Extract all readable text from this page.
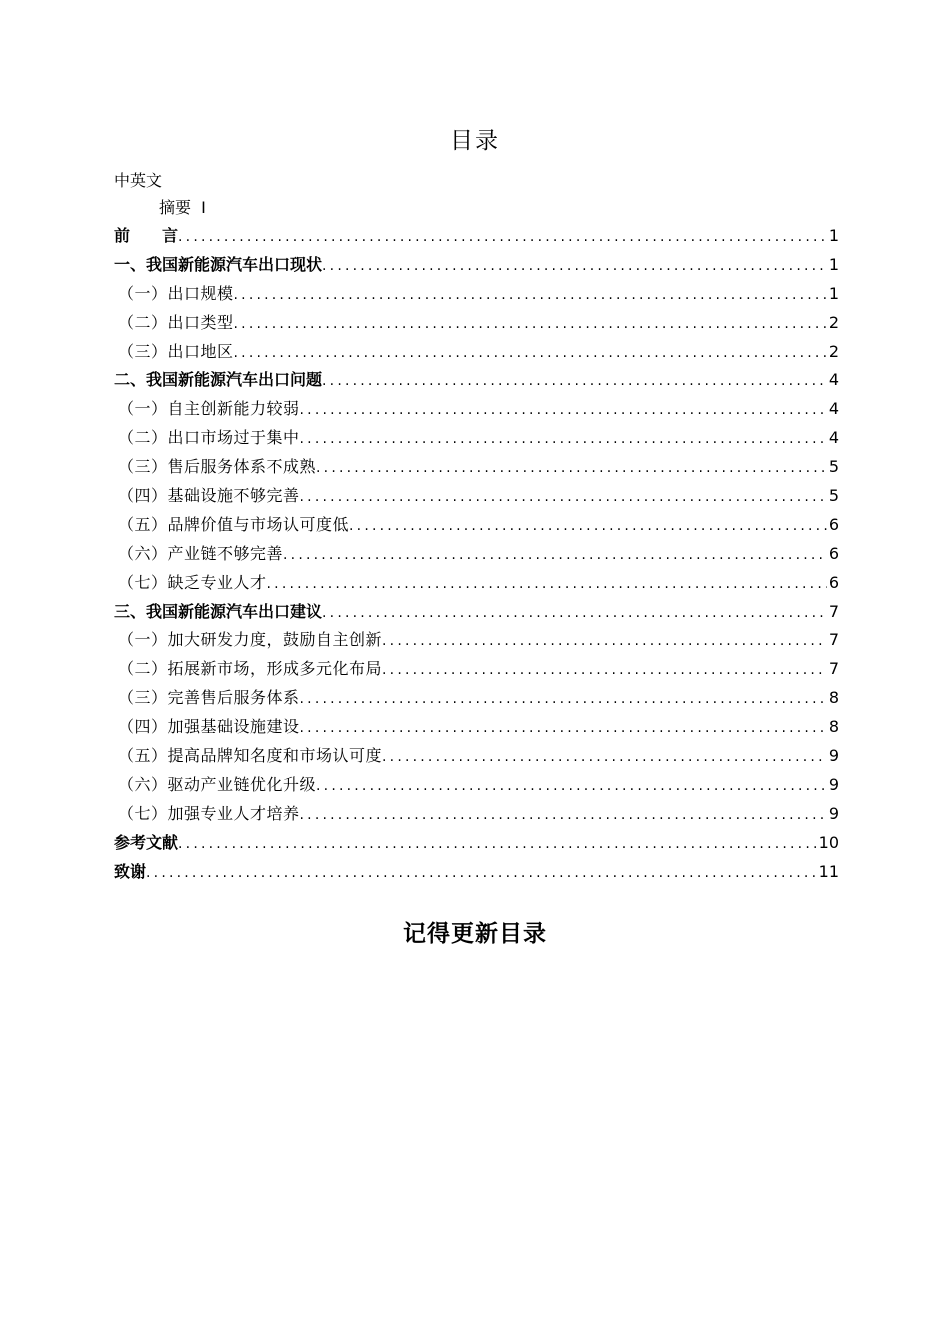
目录
中英文
摘要  I
前　　言 .....	1
一、我国新能源汽车出口现状 .....	1
（一）出口规模 .....	1
（二）出口类型 .....	2
（三）出口地区 .....	2
二、我国新能源汽车出口问题 .....	4
（一）自主创新能力较弱 .....	4
（二）出口市场过于集中 .....	4
（三）售后服务体系不成熟 .....	5
（四）基础设施不够完善 .....	5
（五）品牌价值与市场认可度低 .....	6
（六）产业链不够完善 .....	6
（七）缺乏专业人才 .....	6
三、我国新能源汽车出口建议 .....	7
（一）加大研发力度，鼓励自主创新 .....	7
（二）拓展新市场，形成多元化布局 .....	7
（三）完善售后服务体系 .....	8
（四）加强基础设施建设 .....	8
（五）提高品牌知名度和市场认可度 .....	9
（六）驱动产业链优化升级 .....	9
（七）加强专业人才培养 .....	9
参考文献 .....	10
致谢 .....	11
记得更新目录
